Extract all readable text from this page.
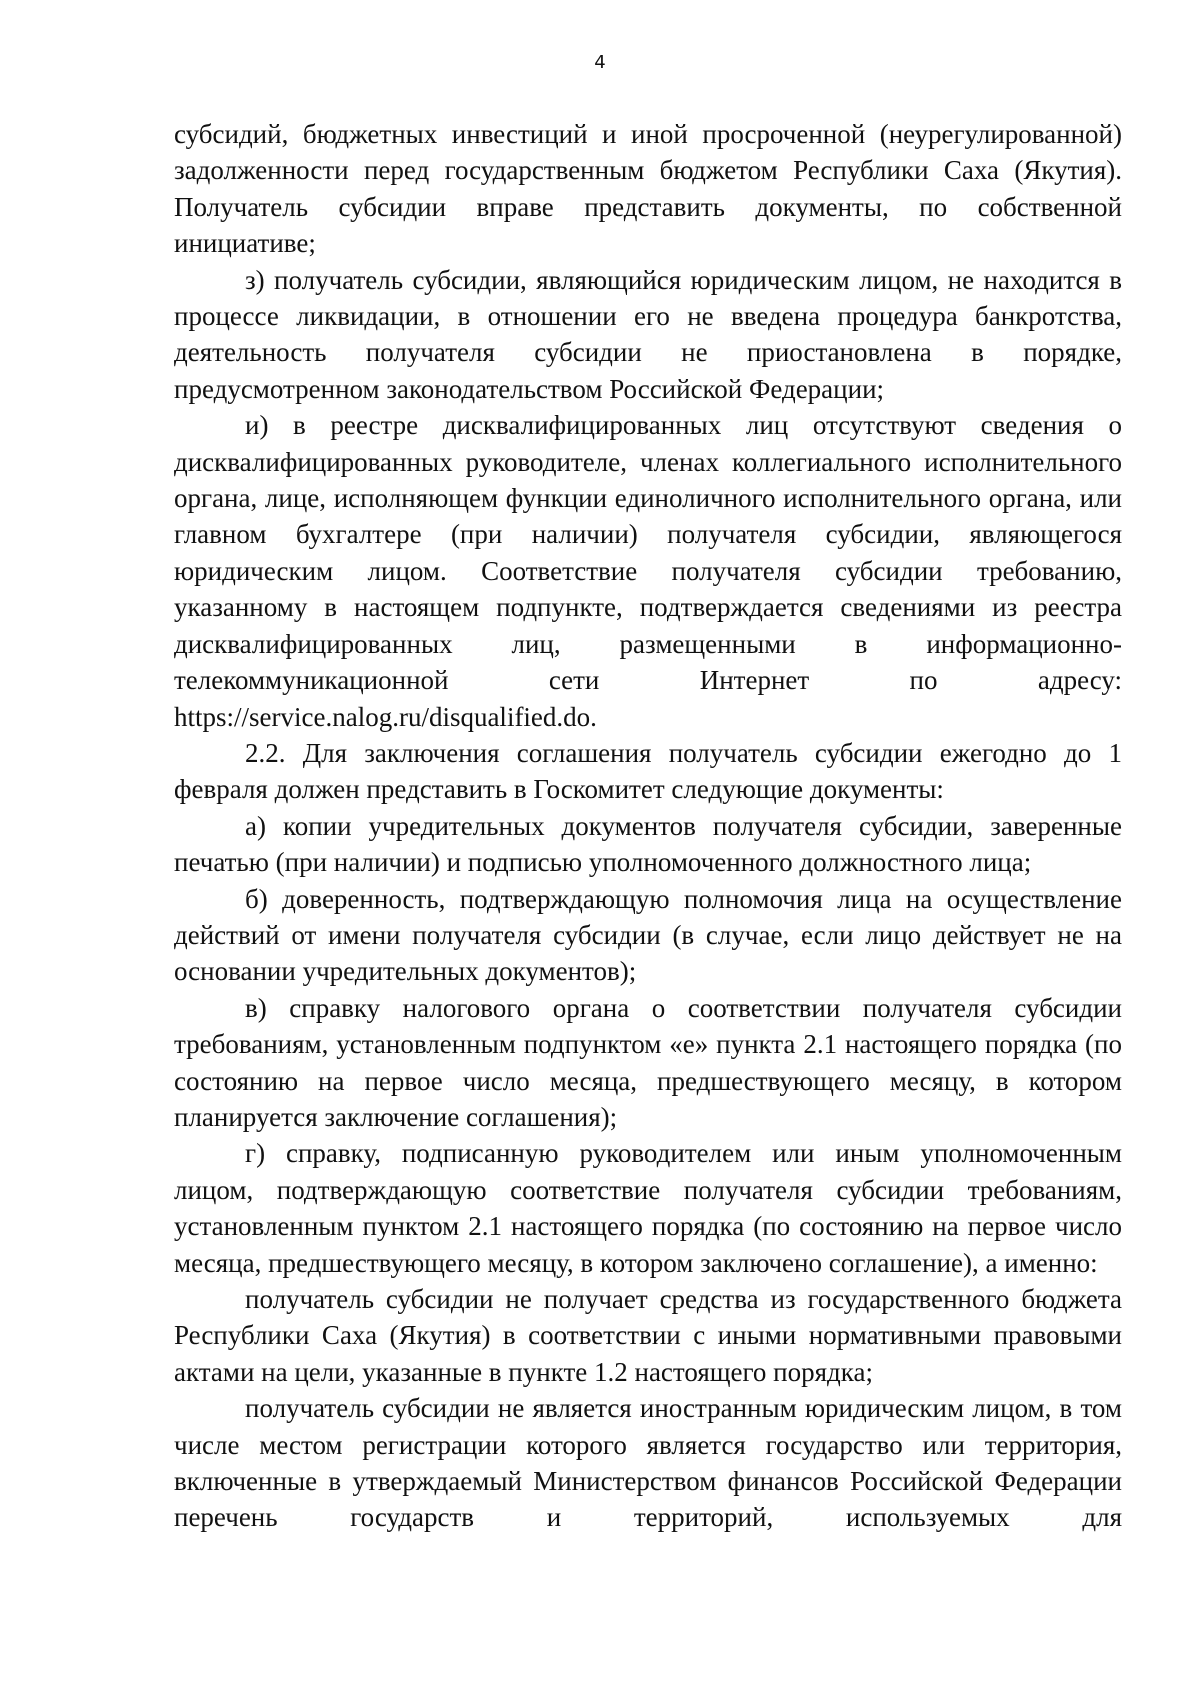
4

субсидий, бюджетных инвестиций и иной просроченной (неурегулированной) задолженности перед государственным бюджетом Республики Саха (Якутия). Получатель субсидии вправе представить документы, по собственной инициативе;

з) получатель субсидии, являющийся юридическим лицом, не находится в процессе ликвидации, в отношении его не введена процедура банкротства, деятельность получателя субсидии не приостановлена в порядке, предусмотренном законодательством Российской Федерации;

и) в реестре дисквалифицированных лиц отсутствуют сведения о дисквалифицированных руководителе, членах коллегиального исполнительного органа, лице, исполняющем функции единоличного исполнительного органа, или главном бухгалтере (при наличии) получателя субсидии, являющегося юридическим лицом. Соответствие получателя субсидии требованию, указанному в настоящем подпункте, подтверждается сведениями из реестра дисквалифицированных лиц, размещенными в информационно-телекоммуникационной сети Интернет по адресу: https://service.nalog.ru/disqualified.do.

2.2. Для заключения соглашения получатель субсидии ежегодно до 1 февраля должен представить в Госкомитет следующие документы:

а) копии учредительных документов получателя субсидии, заверенные печатью (при наличии) и подписью уполномоченного должностного лица;

б) доверенность, подтверждающую полномочия лица на осуществление действий от имени получателя субсидии (в случае, если лицо действует не на основании учредительных документов);

в) справку налогового органа о соответствии получателя субсидии требованиям, установленным подпунктом «е» пункта 2.1 настоящего порядка (по состоянию на первое число месяца, предшествующего месяцу, в котором планируется заключение соглашения);

г) справку, подписанную руководителем или иным уполномоченным лицом, подтверждающую соответствие получателя субсидии требованиям, установленным пунктом 2.1 настоящего порядка (по состоянию на первое число месяца, предшествующего месяцу, в котором заключено соглашение), а именно:

получатель субсидии не получает средства из государственного бюджета Республики Саха (Якутия) в соответствии с иными нормативными правовыми актами на цели, указанные в пункте 1.2 настоящего порядка;

получатель субсидии не является иностранным юридическим лицом, в том числе местом регистрации которого является государство или территория, включенные в утверждаемый Министерством финансов Российской Федерации перечень государств и территорий, используемых для
